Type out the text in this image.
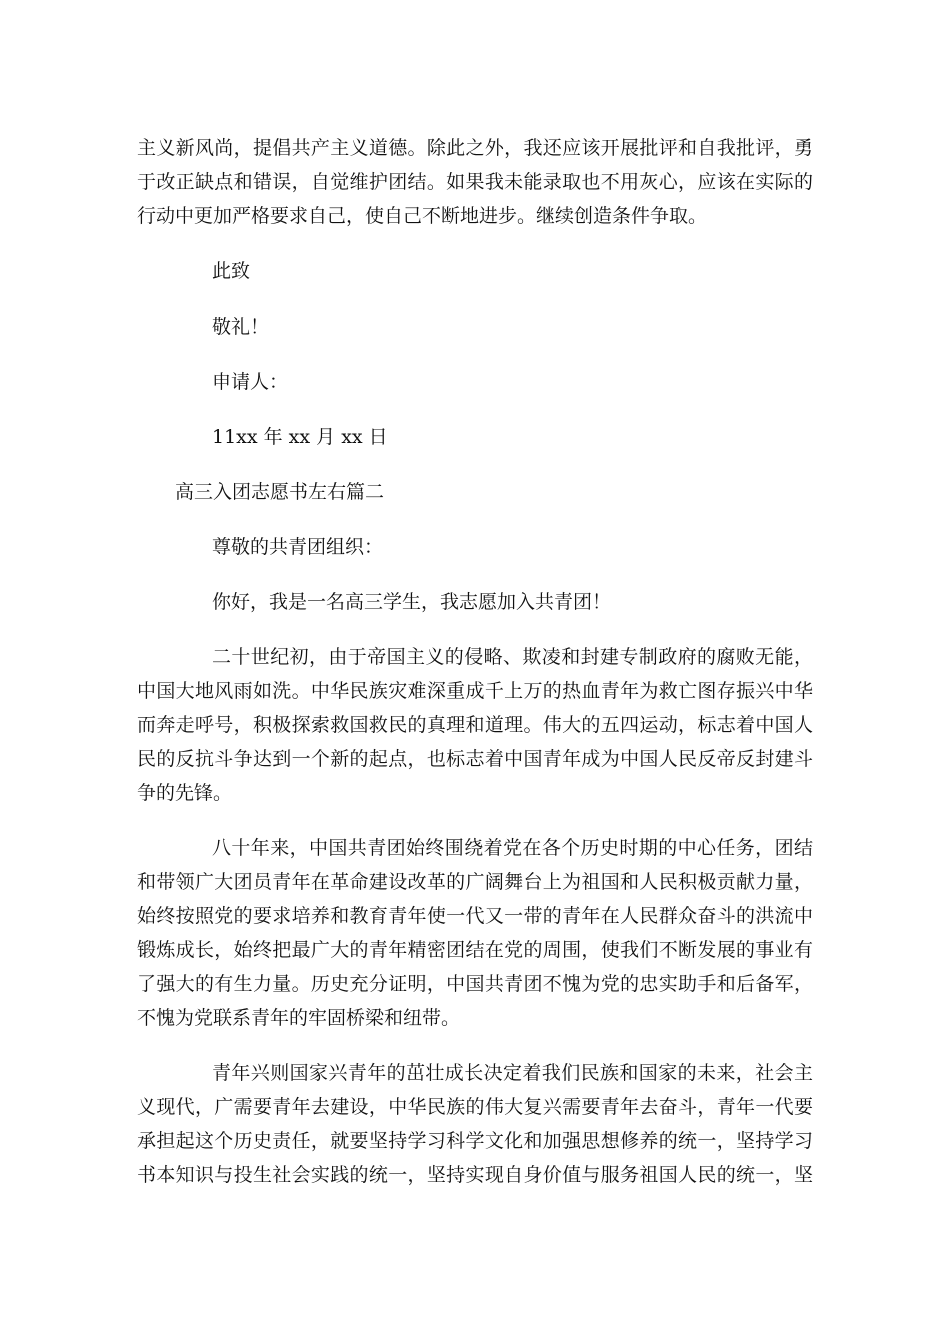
主义新风尚，提倡共产主义道德。除此之外，我还应该开展批评和自我批评，勇
于改正缺点和错误，自觉维护团结。如果我未能录取也不用灰心，应该在实际的
行动中更加严格要求自己，使自己不断地进步。继续创造条件争取。
此致
敬礼！
申请人：
11xx 年 xx 月 xx 日
高三入团志愿书左右篇二
尊敬的共青团组织：
你好，我是一名高三学生，我志愿加入共青团！
二十世纪初，由于帝国主义的侵略、欺凌和封建专制政府的腐败无能，
中国大地风雨如洗。中华民族灾难深重成千上万的热血青年为救亡图存振兴中华
而奔走呼号，积极探索救国救民的真理和道理。伟大的五四运动，标志着中国人
民的反抗斗争达到一个新的起点，也标志着中国青年成为中国人民反帝反封建斗
争的先锋。
八十年来，中国共青团始终围绕着党在各个历史时期的中心任务，团结
和带领广大团员青年在革命建设改革的广阔舞台上为祖国和人民积极贡献力量，
始终按照党的要求培养和教育青年使一代又一带的青年在人民群众奋斗的洪流中
锻炼成长，始终把最广大的青年精密团结在党的周围，使我们不断发展的事业有
了强大的有生力量。历史充分证明，中国共青团不愧为党的忠实助手和后备军，
不愧为党联系青年的牢固桥梁和纽带。
青年兴则国家兴青年的茁壮成长决定着我们民族和国家的未来，社会主
义现代，广需要青年去建设，中华民族的伟大复兴需要青年去奋斗，青年一代要
承担起这个历史责任，就要坚持学习科学文化和加强思想修养的统一，坚持学习
书本知识与投生社会实践的统一，坚持实现自身价值与服务祖国人民的统一，坚
